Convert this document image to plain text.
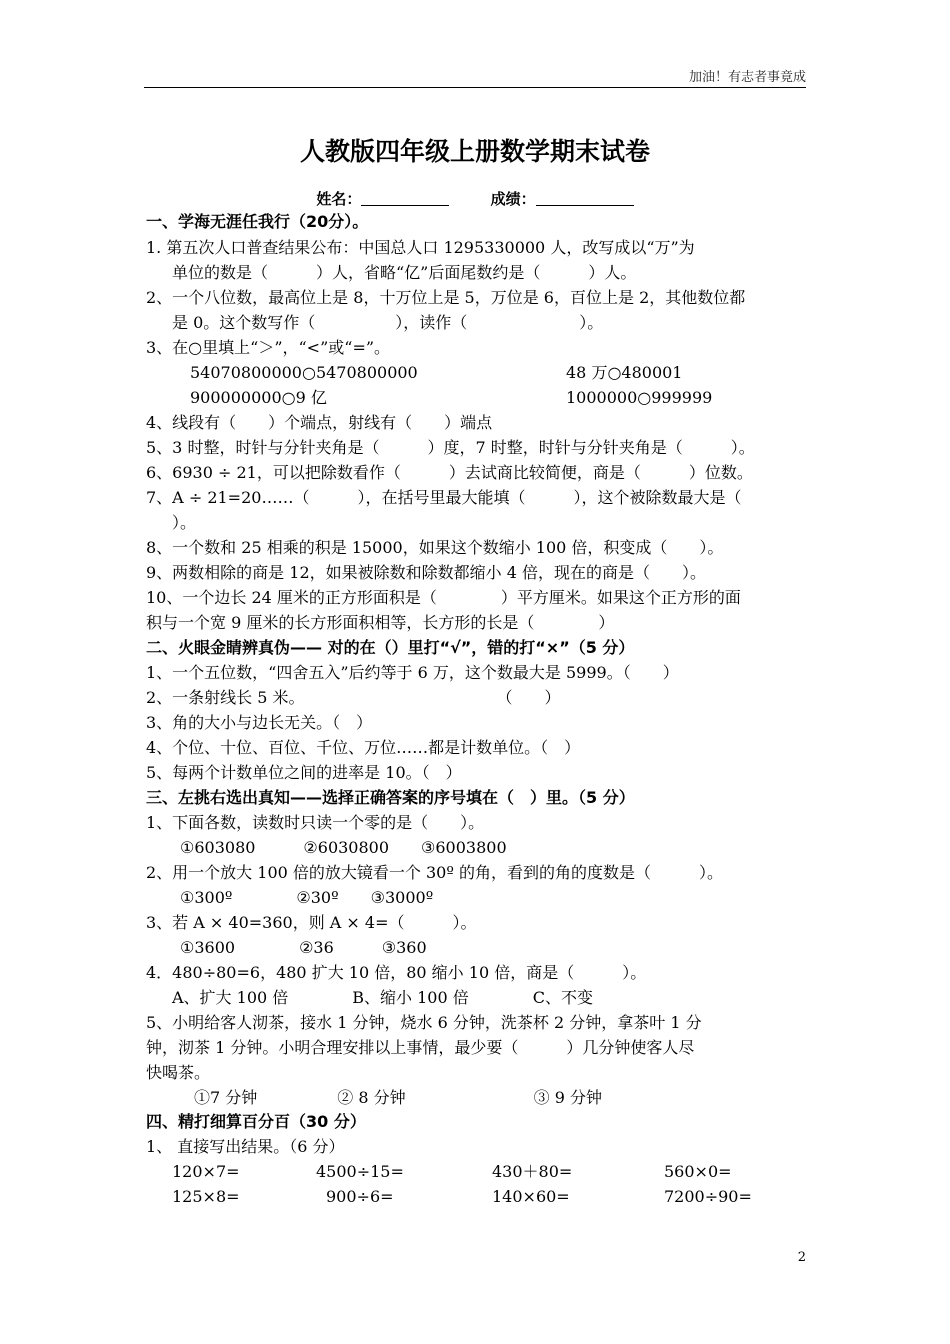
加油！有志者事竟成
人教版四年级上册数学期末试卷
姓名：	成绩：
一、学海无涯任我行（20分）。
1. 第五次人口普查结果公布：中国总人口 1295330000 人，改写成以“万”为
单位的数是（　　　）人，省略“亿”后面尾数约是（　　　）人。
2、一个八位数，最高位上是 8，十万位上是 5，万位是 6，百位上是 2，其他数位都
是 0。这个数写作（　　　　　），读作（　　　　　　　）。
3、在○里填上“＞”，“<”或“=”。
54070800000○5470800000	48 万○480001
900000000○9 亿	1000000○999999
4、线段有（　　）个端点，射线有（　　）端点
5、3 时整，时针与分针夹角是（　　　）度，7 时整，时针与分针夹角是（　　　）。
6、6930 ÷ 21，可以把除数看作（　　　）去试商比较简便，商是（　　　）位数。
7、A ÷ 21=20……（　　　），在括号里最大能填（　　　），这个被除数最大是（
）。
8、一个数和 25 相乘的积是 15000，如果这个数缩小 100 倍，积变成（　　）。
9、两数相除的商是 12，如果被除数和除数都缩小 4 倍，现在的商是（　　）。
10、一个边长 24 厘米的正方形面积是（　　　　）平方厘米。如果这个正方形的面
积与一个宽 9 厘米的长方形面积相等，长方形的长是（　　　　）
二、火眼金睛辨真伪—— 对的在（）里打“√”，错的打“×”（5 分）
1、一个五位数，“四舍五入”后约等于 6 万，这个数最大是 5999。（　　）
2、一条射线长 5 米。　　　　　　　　　　　　　（　　）
3、角的大小与边长无关。（　）
4、个位、十位、百位、千位、万位……都是计数单位。（　）
5、每两个计数单位之间的进率是 10。（　）
三、左挑右选出真知——选择正确答案的序号填在（　）里。（5 分）
1、下面各数，读数时只读一个零的是（　　）。
①603080　　　②6030800　　③6003800
2、用一个放大 100 倍的放大镜看一个 30º 的角，看到的角的度数是（　　　）。
①300º　　　　②30º　　③3000º
3、若 A × 40=360，则 A × 4=（　　　）。
①3600　　　　②36　　　③360
4．480÷80=6，480 扩大 10 倍，80 缩小 10 倍，商是（　　　）。
A、扩大 100 倍　　　　B、缩小 100 倍　　　　C、不变
5、小明给客人沏茶，接水 1 分钟，烧水 6 分钟，洗茶杯 2 分钟，拿茶叶 1 分
钟，沏茶 1 分钟。小明合理安排以上事情，最少要（　　　）几分钟使客人尽
快喝茶。
①7 分钟　　　　　② 8 分钟　　　　　　　　③ 9 分钟
四、精打细算百分百（30 分）
1、 直接写出结果。（6 分）
120×7=	4500÷15=	430＋80=	560×0=
125×8=	900÷6=	140×60=	7200÷90=
2
